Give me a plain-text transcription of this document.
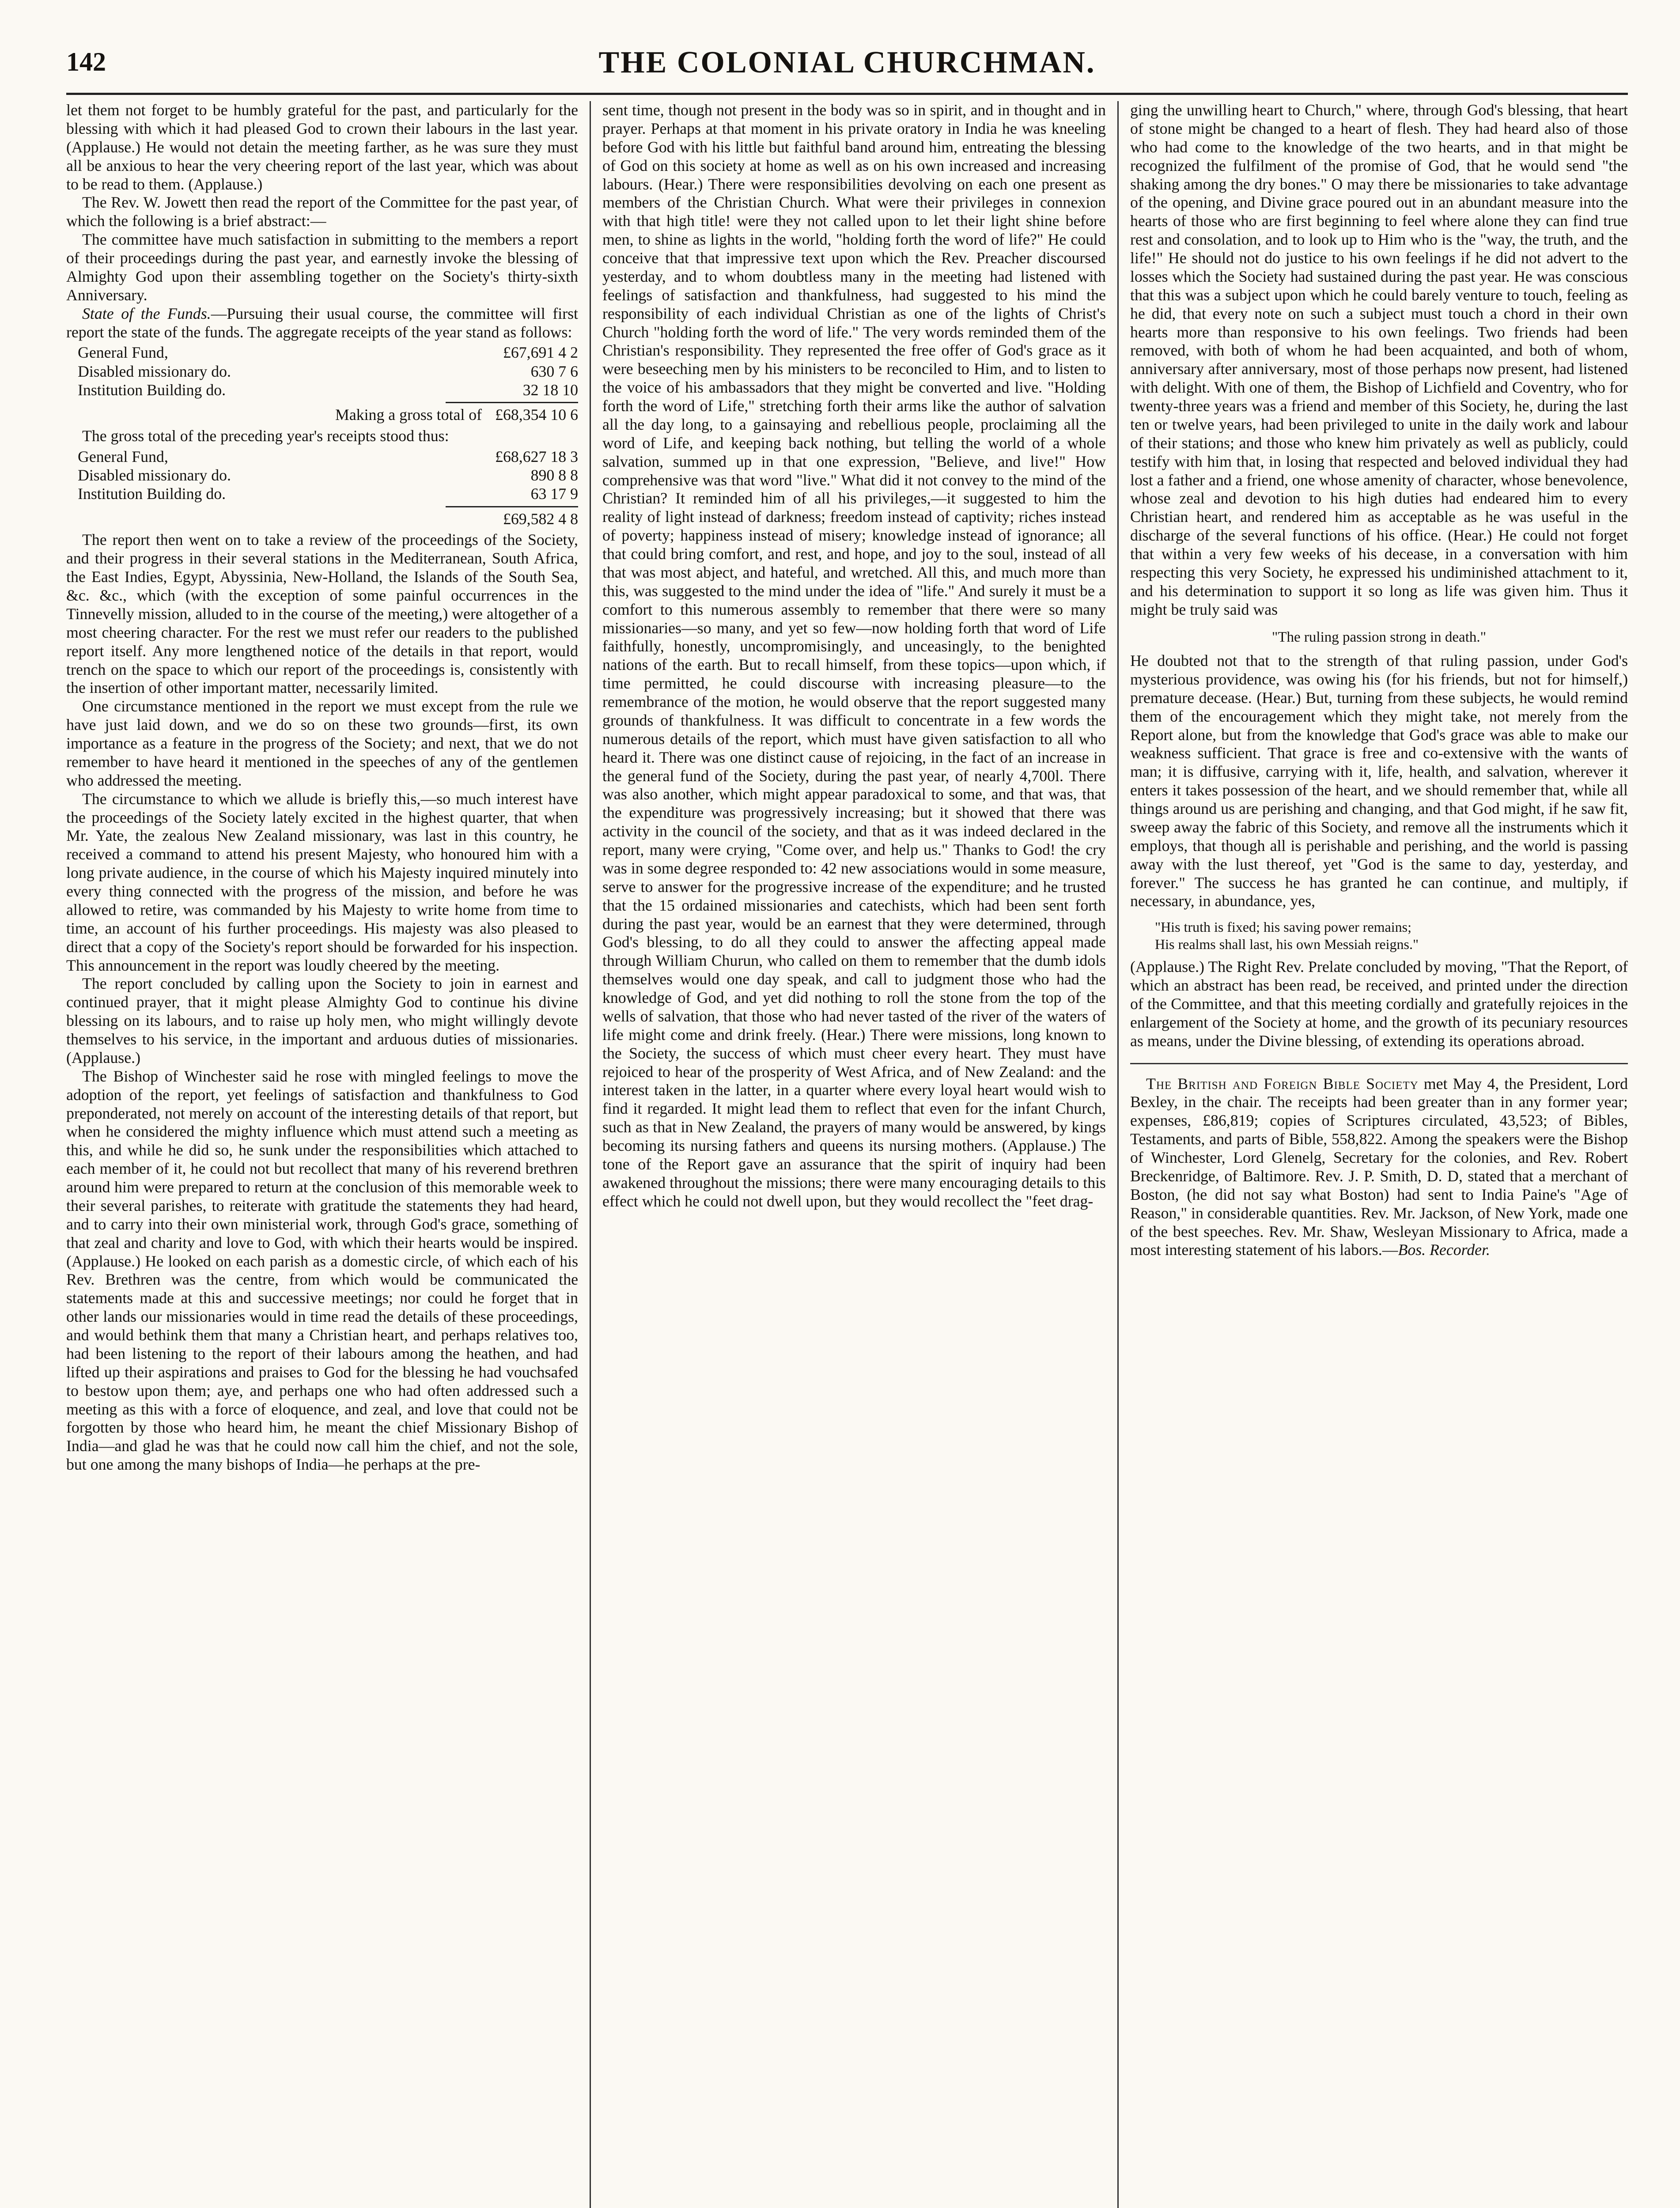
142	THE COLONIAL CHURCHMAN.

let them not forget to be humbly grateful for the past, and particularly for the blessing with which it had pleased God to crown their labours in the last year. (Applause.) He would not detain the meeting farther, as he was sure they must all be anxious to hear the very cheering report of the last year, which was about to be read to them. (Applause.)

The Rev. W. Jowett then read the report of the Committee for the past year, of which the following is a brief abstract:—

The committee have much satisfaction in submitting to the members a report of their proceedings during the past year, and earnestly invoke the blessing of Almighty God upon their assembling together on the Society's thirty-sixth Anniversary.

State of the Funds.—Pursuing their usual course, the committee will first report the state of the funds. The aggregate receipts of the year stand as follows:

General Fund,	£67,691 4 2
Disabled missionary do.	630 7 6
Institution Building do.	32 18 10
Making a gross total of £68,354 10 6

The gross total of the preceding year's receipts stood thus:

General Fund,	£68,627 18 3
Disabled missionary do.	890 8 8
Institution Building do.	63 17 9
£69,582 4 8

The report then went on to take a review of the proceedings of the Society, and their progress in their several stations in the Mediterranean, South Africa, the East Indies, Egypt, Abyssinia, New-Holland, the Islands of the South Sea, &c. &c., which (with the exception of some painful occurrences in the Tinnevelly mission, alluded to in the course of the meeting,) were altogether of a most cheering character. For the rest we must refer our readers to the published report itself. Any more lengthened notice of the details in that report, would trench on the space to which our report of the proceedings is, consistently with the insertion of other important matter, necessarily limited.

One circumstance mentioned in the report we must except from the rule we have just laid down, and we do so on these two grounds—first, its own importance as a feature in the progress of the Society; and next, that we do not remember to have heard it mentioned in the speeches of any of the gentlemen who addressed the meeting.

The circumstance to which we allude is briefly this,—so much interest have the proceedings of the Society lately excited in the highest quarter, that when Mr. Yate, the zealous New Zealand missionary, was last in this country, he received a command to attend his present Majesty, who honoured him with a long private audience, in the course of which his Majesty inquired minutely into every thing connected with the progress of the mission, and before he was allowed to retire, was commanded by his Majesty to write home from time to time, an account of his further proceedings. His majesty was also pleased to direct that a copy of the Society's report should be forwarded for his inspection. This announcement in the report was loudly cheered by the meeting.

The report concluded by calling upon the Society to join in earnest and continued prayer, that it might please Almighty God to continue his divine blessing on its labours, and to raise up holy men, who might willingly devote themselves to his service, in the important and arduous duties of missionaries. (Applause.)

The Bishop of Winchester said he rose with mingled feelings to move the adoption of the report, yet feelings of satisfaction and thankfulness to God preponderated, not merely on account of the interesting details of that report, but when he considered the mighty influence which must attend such a meeting as this, and while he did so, he sunk under the responsibilities which attached to each member of it, he could not but recollect that many of his reverend brethren around him were prepared to return at the conclusion of this memorable week to their several parishes, to reiterate with gratitude the statements they had heard, and to carry into their own ministerial work, through God's grace, something of that zeal and charity and love to God, with which their hearts would be inspired. (Applause.) He looked on each parish as a domestic circle, of which each of his Rev. Brethren was the centre, from which would be communicated the statements made at this and successive meetings; nor could he forget that in other lands our missionaries would in time read the details of these proceedings, and would bethink them that many a Christian heart, and perhaps relatives too, had been listening to the report of their labours among the heathen, and had lifted up their aspirations and praises to God for the blessing he had vouchsafed to bestow upon them; aye, and perhaps one who had often addressed such a meeting as this with a force of eloquence, and zeal, and love that could not be forgotten by those who heard him, he meant the chief Missionary Bishop of India—and glad he was that he could now call him the chief, and not the sole, but one among the many bishops of India—he perhaps at the pre-

sent time, though not present in the body was so in spirit, and in thought and in prayer. Perhaps at that moment in his private oratory in India he was kneeling before God with his little but faithful band around him, entreating the blessing of God on this society at home as well as on his own increased and increasing labours. (Hear.) There were responsibilities devolving on each one present as members of the Christian Church. What were their privileges in connexion with that high title! were they not called upon to let their light shine before men, to shine as lights in the world, "holding forth the word of life?" He could conceive that that impressive text upon which the Rev. Preacher discoursed yesterday, and to whom doubtless many in the meeting had listened with feelings of satisfaction and thankfulness, had suggested to his mind the responsibility of each individual Christian as one of the lights of Christ's Church "holding forth the word of life." The very words reminded them of the Christian's responsibility. They represented the free offer of God's grace as it were beseeching men by his ministers to be reconciled to Him, and to listen to the voice of his ambassadors that they might be converted and live. "Holding forth the word of Life," stretching forth their arms like the author of salvation all the day long, to a gainsaying and rebellious people, proclaiming all the word of Life, and keeping back nothing, but telling the world of a whole salvation, summed up in that one expression, "Believe, and live!" How comprehensive was that word "live." What did it not convey to the mind of the Christian? It reminded him of all his privileges,—it suggested to him the reality of light instead of darkness; freedom instead of captivity; riches instead of poverty; happiness instead of misery; knowledge instead of ignorance; all that could bring comfort, and rest, and hope, and joy to the soul, instead of all that was most abject, and hateful, and wretched. All this, and much more than this, was suggested to the mind under the idea of "life." And surely it must be a comfort to this numerous assembly to remember that there were so many missionaries—so many, and yet so few—now holding forth that word of Life faithfully, honestly, uncompromisingly, and unceasingly, to the benighted nations of the earth. But to recall himself, from these topics—upon which, if time permitted, he could discourse with increasing pleasure—to the remembrance of the motion, he would observe that the report suggested many grounds of thankfulness. It was difficult to concentrate in a few words the numerous details of the report, which must have given satisfaction to all who heard it. There was one distinct cause of rejoicing, in the fact of an increase in the general fund of the Society, during the past year, of nearly 4,700l. There was also another, which might appear paradoxical to some, and that was, that the expenditure was progressively increasing; but it showed that there was activity in the council of the society, and that as it was indeed declared in the report, many were crying, "Come over, and help us." Thanks to God! the cry was in some degree responded to: 42 new associations would in some measure, serve to answer for the progressive increase of the expenditure; and he trusted that the 15 ordained missionaries and catechists, which had been sent forth during the past year, would be an earnest that they were determined, through God's blessing, to do all they could to answer the affecting appeal made through William Churun, who called on them to remember that the dumb idols themselves would one day speak, and call to judgment those who had the knowledge of God, and yet did nothing to roll the stone from the top of the wells of salvation, that those who had never tasted of the river of the waters of life might come and drink freely. (Hear.) There were missions, long known to the Society, the success of which must cheer every heart. They must have rejoiced to hear of the prosperity of West Africa, and of New Zealand: and the interest taken in the latter, in a quarter where every loyal heart would wish to find it regarded. It might lead them to reflect that even for the infant Church, such as that in New Zealand, the prayers of many would be answered, by kings becoming its nursing fathers and queens its nursing mothers. (Applause.) The tone of the Report gave an assurance that the spirit of inquiry had been awakened throughout the missions; there were many encouraging details to this effect which he could not dwell upon, but they would recollect the "feet drag-

ging the unwilling heart to Church," where, through God's blessing, that heart of stone might be changed to a heart of flesh. They had heard also of those who had come to the knowledge of the two hearts, and in that might be recognized the fulfilment of the promise of God, that he would send "the shaking among the dry bones." O may there be missionaries to take advantage of the opening, and Divine grace poured out in an abundant measure into the hearts of those who are first beginning to feel where alone they can find true rest and consolation, and to look up to Him who is the "way, the truth, and the life!" He should not do justice to his own feelings if he did not advert to the losses which the Society had sustained during the past year. He was conscious that this was a subject upon which he could barely venture to touch, feeling as he did, that every note on such a subject must touch a chord in their own hearts more than responsive to his own feelings. Two friends had been removed, with both of whom he had been acquainted, and both of whom, anniversary after anniversary, most of those perhaps now present, had listened with delight. With one of them, the Bishop of Lichfield and Coventry, who for twenty-three years was a friend and member of this Society, he, during the last ten or twelve years, had been privileged to unite in the daily work and labour of their stations; and those who knew him privately as well as publicly, could testify with him that, in losing that respected and beloved individual they had lost a father and a friend, one whose amenity of character, whose benevolence, whose zeal and devotion to his high duties had endeared him to every Christian heart, and rendered him as acceptable as he was useful in the discharge of the several functions of his office. (Hear.) He could not forget that within a very few weeks of his decease, in a conversation with him respecting this very Society, he expressed his undiminished attachment to it, and his determination to support it so long as life was given him. Thus it might be truly said was

"The ruling passion strong in death."

He doubted not that to the strength of that ruling passion, under God's mysterious providence, was owing his (for his friends, but not for himself,) premature decease. (Hear.) But, turning from these subjects, he would remind them of the encouragement which they might take, not merely from the Report alone, but from the knowledge that God's grace was able to make our weakness sufficient. That grace is free and co-extensive with the wants of man; it is diffusive, carrying with it, life, health, and salvation, wherever it enters it takes possession of the heart, and we should remember that, while all things around us are perishing and changing, and that God might, if he saw fit, sweep away the fabric of this Society, and remove all the instruments which it employs, that though all is perishable and perishing, and the world is passing away with the lust thereof, yet "God is the same to day, yesterday, and forever." The success he has granted he can continue, and multiply, if necessary, in abundance, yes,

"His truth is fixed; his saving power remains;
His realms shall last, his own Messiah reigns."

(Applause.) The Right Rev. Prelate concluded by moving, "That the Report, of which an abstract has been read, be received, and printed under the direction of the Committee, and that this meeting cordially and gratefully rejoices in the enlargement of the Society at home, and the growth of its pecuniary resources as means, under the Divine blessing, of extending its operations abroad.

The British and Foreign Bible Society met May 4, the President, Lord Bexley, in the chair. The receipts had been greater than in any former year; expenses, £86,819; copies of Scriptures circulated, 43,523; of Bibles, Testaments, and parts of Bible, 558,822. Among the speakers were the Bishop of Winchester, Lord Glenelg, Secretary for the colonies, and Rev. Robert Breckenridge, of Baltimore. Rev. J. P. Smith, D. D, stated that a merchant of Boston, (he did not say what Boston) had sent to India Paine's "Age of Reason," in considerable quantities. Rev. Mr. Jackson, of New York, made one of the best speeches. Rev. Mr. Shaw, Wesleyan Missionary to Africa, made a most interesting statement of his labors.—Bos. Recorder.
